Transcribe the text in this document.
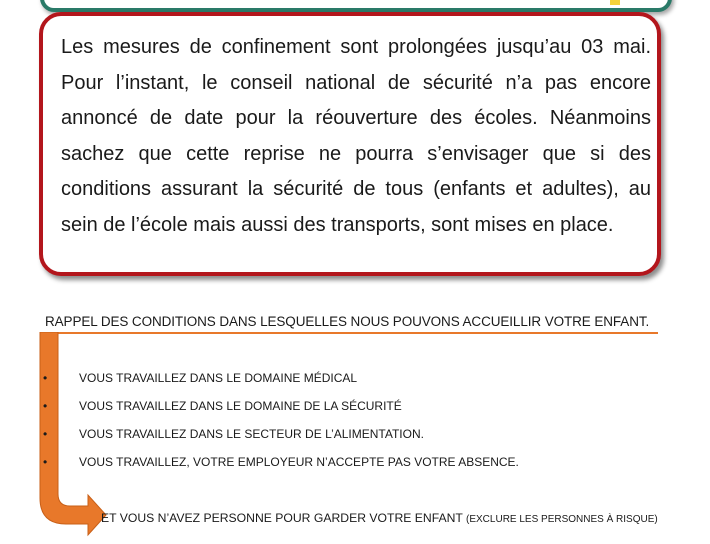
Les mesures de confinement sont prolongées jusqu’au 03 mai. Pour l’instant, le conseil national de sécurité n’a pas encore annoncé de date pour la réouverture des écoles. Néanmoins sachez que cette reprise ne pourra s’envisager que si des conditions assurant la sécurité de tous (enfants et adultes), au sein de l’école mais aussi des transports, sont mises en place.

RAPPEL DES CONDITIONS DANS LESQUELLES NOUS POUVONS ACCUEILLIR VOTRE ENFANT.

•	VOUS TRAVAILLEZ DANS LE DOMAINE MÉDICAL
•	VOUS TRAVAILLEZ DANS LE DOMAINE DE LA SÉCURITÉ
•	VOUS TRAVAILLEZ DANS LE SECTEUR DE L’ALIMENTATION.
•	VOUS TRAVAILLEZ, VOTRE EMPLOYEUR N’ACCEPTE PAS VOTRE ABSENCE.

ET VOUS N’AVEZ PERSONNE POUR GARDER VOTRE ENFANT (EXCLURE LES PERSONNES À RISQUE)
